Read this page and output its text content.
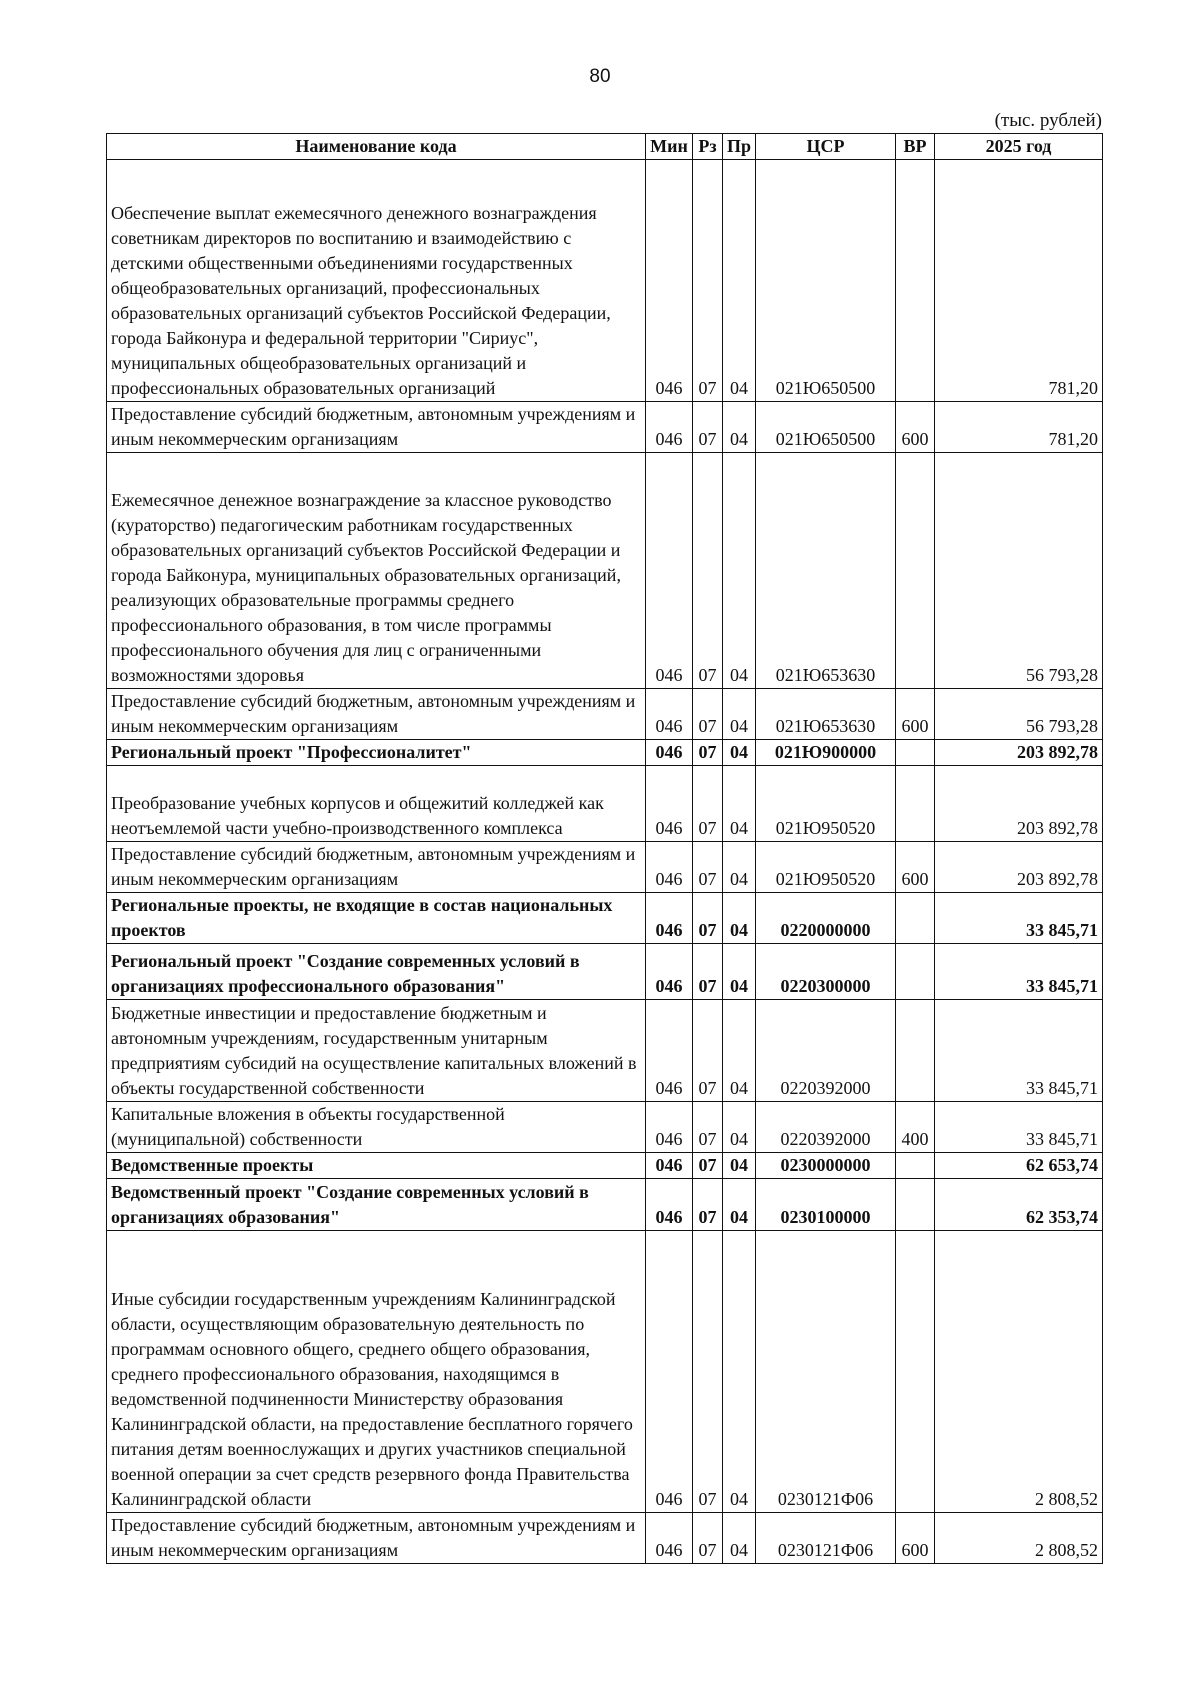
80
(тыс. рублей)
Наименование кода	Мин	Рз	Пр	ЦСР	ВР	2025 год
Обеспечение выплат ежемесячного денежного вознаграждения советникам директоров по воспитанию и взаимодействию с детскими общественными объединениями государственных общеобразовательных организаций, профессиональных образовательных организаций субъектов Российской Федерации, города Байконура и федеральной территории "Сириус", муниципальных общеобразовательных организаций и профессиональных образовательных организаций	046	07	04	021Ю650500		781,20
Предоставление субсидий бюджетным, автономным учреждениям и иным некоммерческим организациям	046	07	04	021Ю650500	600	781,20
Ежемесячное денежное вознаграждение за классное руководство (кураторство) педагогическим работникам государственных образовательных организаций субъектов Российской Федерации и города Байконура, муниципальных образовательных организаций, реализующих образовательные программы среднего профессионального образования, в том числе программы профессионального обучения для лиц с ограниченными возможностями здоровья	046	07	04	021Ю653630		56 793,28
Предоставление субсидий бюджетным, автономным учреждениям и иным некоммерческим организациям	046	07	04	021Ю653630	600	56 793,28
Региональный проект "Профессионалитет"	046	07	04	021Ю900000		203 892,78
Преобразование учебных корпусов и общежитий колледжей как неотъемлемой части учебно-производственного комплекса	046	07	04	021Ю950520		203 892,78
Предоставление субсидий бюджетным, автономным учреждениям и иным некоммерческим организациям	046	07	04	021Ю950520	600	203 892,78
Региональные проекты, не входящие в состав национальных проектов	046	07	04	0220000000		33 845,71
Региональный проект "Создание современных условий в организациях профессионального образования"	046	07	04	0220300000		33 845,71
Бюджетные инвестиции и предоставление бюджетным и автономным учреждениям, государственным унитарным предприятиям субсидий на осуществление капитальных вложений в объекты государственной собственности	046	07	04	0220392000		33 845,71
Капитальные вложения в объекты государственной (муниципальной) собственности	046	07	04	0220392000	400	33 845,71
Ведомственные проекты	046	07	04	0230000000		62 653,74
Ведомственный проект "Создание современных условий в организациях образования"	046	07	04	0230100000		62 353,74
Иные субсидии государственным учреждениям Калининградской области, осуществляющим образовательную деятельность по программам основного общего, среднего общего образования, среднего профессионального образования, находящимся в ведомственной подчиненности Министерству образования Калининградской области, на предоставление бесплатного горячего питания детям военнослужащих и других участников специальной военной операции за счет средств резервного фонда Правительства Калининградской области	046	07	04	0230121Ф06		2 808,52
Предоставление субсидий бюджетным, автономным учреждениям и иным некоммерческим организациям	046	07	04	0230121Ф06	600	2 808,52
